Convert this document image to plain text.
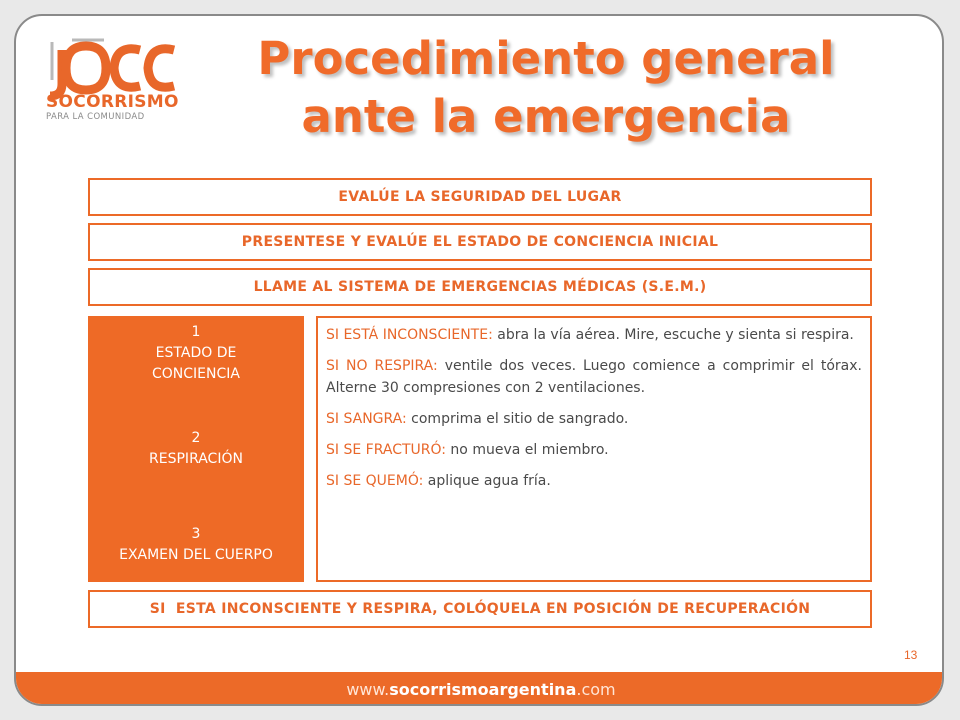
SOCORRISMO
PARA LA COMUNIDAD
Procedimiento general
ante la emergencia
EVALÚE LA SEGURIDAD DEL LUGAR
PRESENTESE Y EVALÚE EL ESTADO DE CONCIENCIA INICIAL
LLAME AL SISTEMA DE EMERGENCIAS MÉDICAS (S.E.M.)
1
ESTADO DE
CONCIENCIA
2
RESPIRACIÓN
3
EXAMEN DEL CUERPO

SI ESTÁ INCONSCIENTE: abra la vía aérea. Mire, escuche y sienta si respira.

SI NO RESPIRA: ventile dos veces. Luego comience a comprimir el tórax. Alterne 30 compresiones con 2 ventilaciones.

SI SANGRA: comprima el sitio de sangrado.

SI SE FRACTURÓ: no mueva el miembro.

SI SE QUEMÓ: aplique agua fría.

SI  ESTA INCONSCIENTE Y RESPIRA, COLÓQUELA EN POSICIÓN DE RECUPERACIÓN
13
www.socorrismoargentina.com
